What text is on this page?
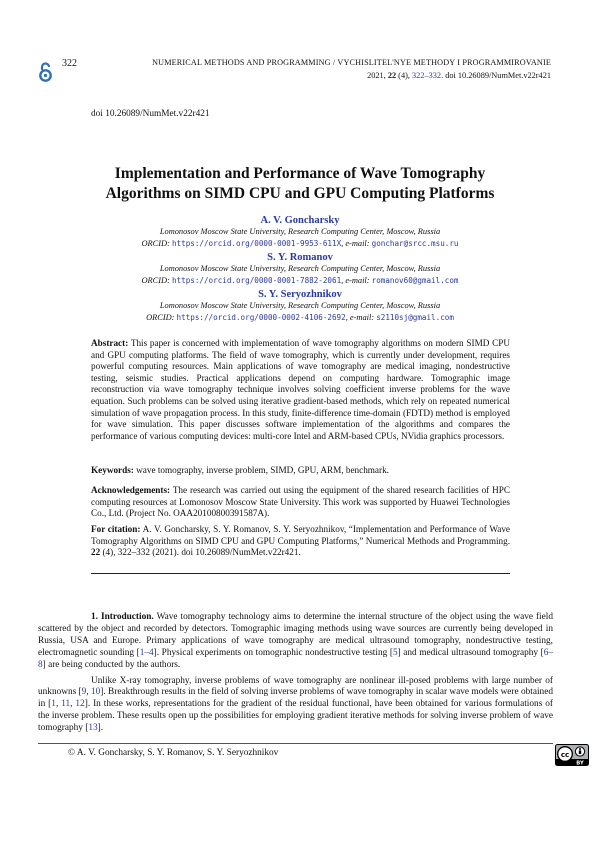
322	NUMERICAL METHODS AND PROGRAMMING / VYCHISLITEL'NYE METHODY I PROGRAMMIROVANIE
2021, 22 (4), 322–332. doi 10.26089/NumMet.v22r421
doi 10.26089/NumMet.v22r421
Implementation and Performance of Wave Tomography
Algorithms on SIMD CPU and GPU Computing Platforms
A. V. Goncharsky
Lomonosov Moscow State University, Research Computing Center, Moscow, Russia
ORCID: https://orcid.org/0000-0001-9953-611X, e-mail: gonchar@srcc.msu.ru
S. Y. Romanov
Lomonosov Moscow State University, Research Computing Center, Moscow, Russia
ORCID: https://orcid.org/0000-0001-7882-2061, e-mail: romanov60@gmail.com
S. Y. Seryozhnikov
Lomonosov Moscow State University, Research Computing Center, Moscow, Russia
ORCID: https://orcid.org/0000-0002-4106-2692, e-mail: s2110sj@gmail.com
Abstract: This paper is concerned with implementation of wave tomography algorithms on modern SIMD CPU and GPU computing platforms. The field of wave tomography, which is currently under development, requires powerful computing resources. Main applications of wave tomography are medical imaging, nondestructive testing, seismic studies. Practical applications depend on computing hardware. Tomographic image reconstruction via wave tomography technique involves solving coefficient inverse problems for the wave equation. Such problems can be solved using iterative gradient-based methods, which rely on repeated numerical simulation of wave propagation process. In this study, finite-difference time-domain (FDTD) method is employed for wave simulation. This paper discusses software implementation of the algorithms and compares the performance of various computing devices: multi-core Intel and ARM-based CPUs, NVidia graphics processors.
Keywords: wave tomography, inverse problem, SIMD, GPU, ARM, benchmark.
Acknowledgements: The research was carried out using the equipment of the shared research facilities of HPC computing resources at Lomonosov Moscow State University. This work was supported by Huawei Technologies Co., Ltd. (Project No. OAA20100800391587A).
For citation: A. V. Goncharsky, S. Y. Romanov, S. Y. Seryozhnikov, “Implementation and Performance of Wave Tomography Algorithms on SIMD CPU and GPU Computing Platforms,” Numerical Methods and Programming. 22 (4), 322–332 (2021). doi 10.26089/NumMet.v22r421.

1. Introduction. Wave tomography technology aims to determine the internal structure of the object using the wave field scattered by the object and recorded by detectors. Tomographic imaging methods using wave sources are currently being developed in Russia, USA and Europe. Primary applications of wave tomography are medical ultrasound tomography, nondestructive testing, electromagnetic sounding [1–4]. Physical experiments on tomographic nondestructive testing [5] and medical ultrasound tomography [6–8] are being conducted by the authors.

Unlike X-ray tomography, inverse problems of wave tomography are nonlinear ill-posed problems with large number of unknowns [9, 10]. Breakthrough results in the field of solving inverse problems of wave tomography in scalar wave models were obtained in [1, 11, 12]. In these works, representations for the gradient of the residual functional, have been obtained for various formulations of the inverse problem. These results open up the possibilities for employing gradient iterative methods for solving inverse problem of wave tomography [13].

© A. V. Goncharsky, S. Y. Romanov, S. Y. Seryozhnikov	cc
BY
